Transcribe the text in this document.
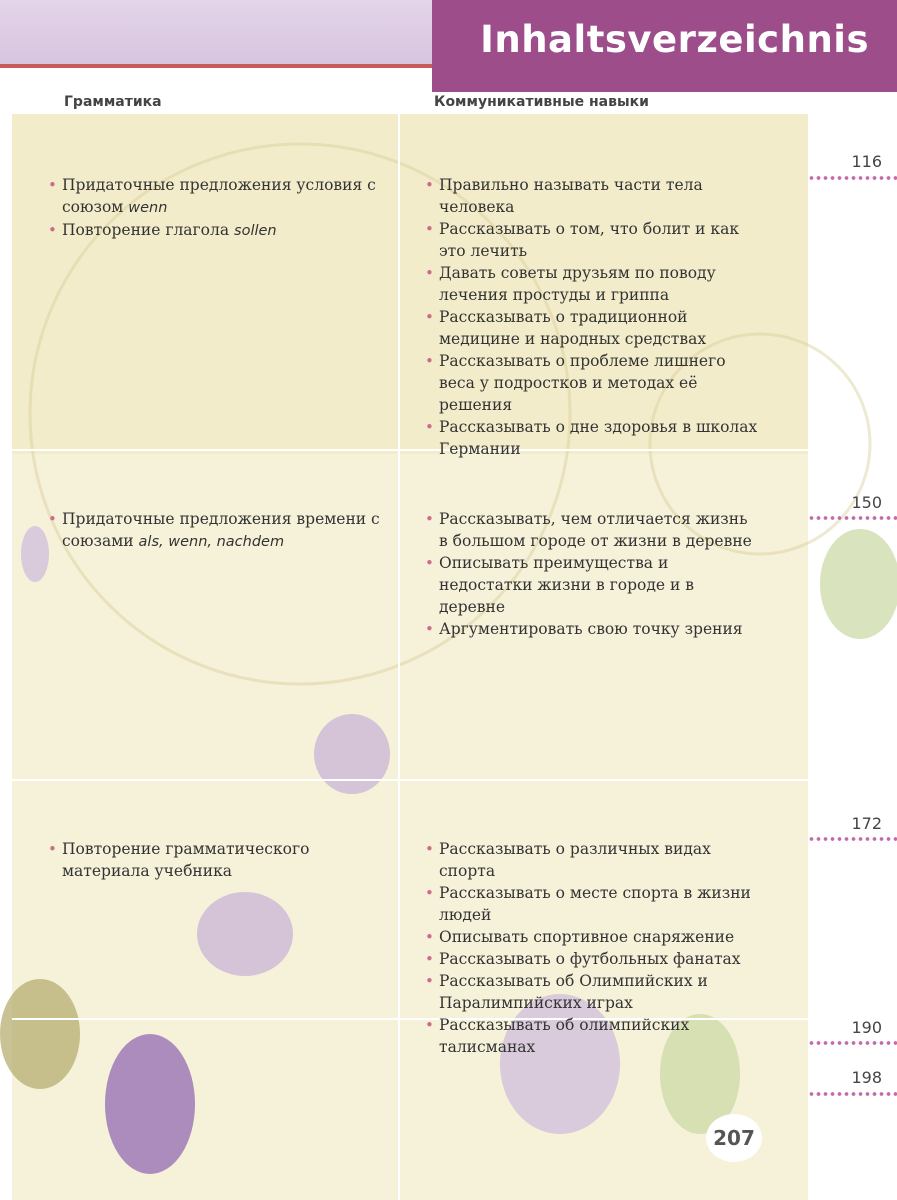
Inhaltsverzeichnis
Грамматика	Коммуникативные навыки
116
• Придаточные предложения условия с союзом wenn
• Повторение глагола sollen
• Правильно называть части тела человека
• Рассказывать о том, что болит и как это лечить
• Давать советы друзьям по поводу лечения простуды и гриппа
• Рассказывать о традиционной медицине и народных средствах
• Рассказывать о проблеме лишнего веса у подростков и методах её решения
• Рассказывать о дне здоровья в школах Германии
150
• Придаточные предложения времени с союзами als, wenn, nachdem
• Рассказывать, чем отличается жизнь в большом городе от жизни в деревне
• Описывать преимущества и недостатки жизни в городе и в деревне
• Аргументировать свою точку зрения
172
• Повторение грамматического материала учебника
• Рассказывать о различных видах спорта
• Рассказывать о месте спорта в жизни людей
• Описывать спортивное снаряжение
• Рассказывать о футбольных фанатах
• Рассказывать об Олимпийских и Паралимпийских играх
• Рассказывать об олимпийских талисманах
190
198
207
